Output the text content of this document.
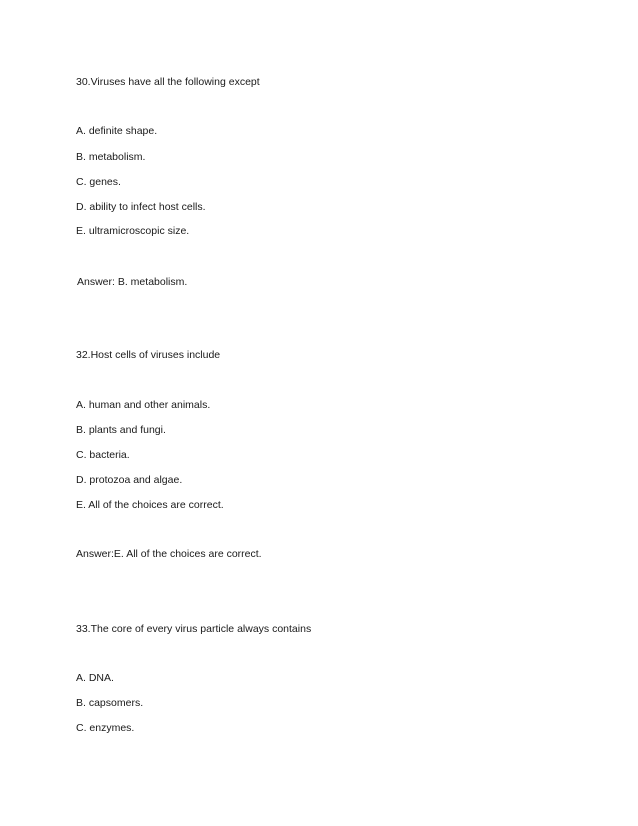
30.Viruses have all the following except
A. definite shape.
B. metabolism.
C. genes.
D. ability to infect host cells.
E. ultramicroscopic size.
Answer: B. metabolism.
32.Host cells of viruses include
A. human and other animals.
B. plants and fungi.
C. bacteria.
D. protozoa and algae.
E. All of the choices are correct.
Answer:E. All of the choices are correct.
33.The core of every virus particle always contains
A. DNA.
B. capsomers.
C. enzymes.
